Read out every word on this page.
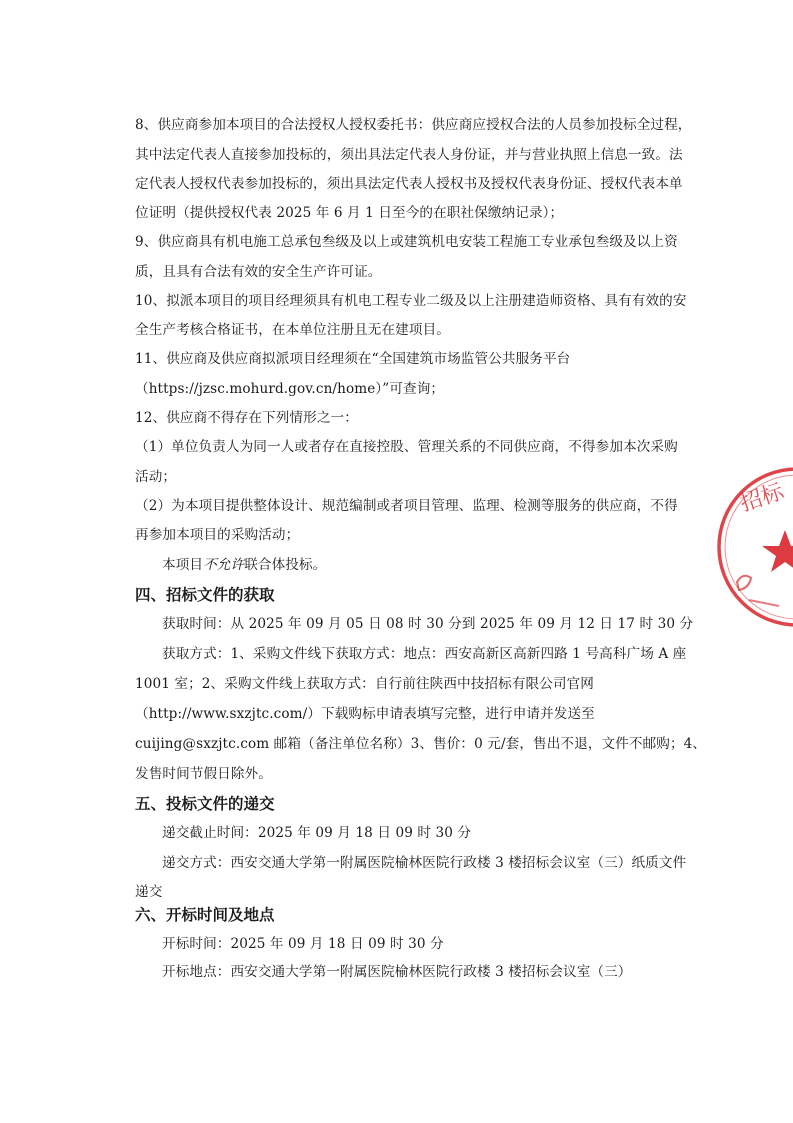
8、供应商参加本项目的合法授权人授权委托书：供应商应授权合法的人员参加投标全过程，
其中法定代表人直接参加投标的，须出具法定代表人身份证，并与营业执照上信息一致。法
定代表人授权代表参加投标的，须出具法定代表人授权书及授权代表身份证、授权代表本单
位证明（提供授权代表 2025 年 6 月 1 日至今的在职社保缴纳记录）；
9、供应商具有机电施工总承包叁级及以上或建筑机电安装工程施工专业承包叁级及以上资
质，且具有合法有效的安全生产许可证。
10、拟派本项目的项目经理须具有机电工程专业二级及以上注册建造师资格、具有有效的安
全生产考核合格证书，在本单位注册且无在建项目。
11、供应商及供应商拟派项目经理须在“全国建筑市场监管公共服务平台
（https://jzsc.mohurd.gov.cn/home）”可查询；
12、供应商不得存在下列情形之一：
（1）单位负责人为同一人或者存在直接控股、管理关系的不同供应商，不得参加本次采购
活动；
（2）为本项目提供整体设计、规范编制或者项目管理、监理、检测等服务的供应商，不得
再参加本项目的采购活动；
本项目不允许联合体投标。
四、招标文件的获取
获取时间：从 2025 年 09 月 05 日 08 时 30 分到 2025 年 09 月 12 日 17 时 30 分
获取方式：1、采购文件线下获取方式：地点：西安高新区高新四路 1 号高科广场 A 座
1001 室；2、采购文件线上获取方式：自行前往陕西中技招标有限公司官网
（http://www.sxzjtc.com/）下载购标申请表填写完整，进行申请并发送至
cuijing@sxzjtc.com 邮箱（备注单位名称）3、售价：0 元/套，售出不退，文件不邮购；4、
发售时间节假日除外。
五、投标文件的递交
递交截止时间：2025 年 09 月 18 日 09 时 30 分
递交方式：西安交通大学第一附属医院榆林医院行政楼 3 楼招标会议室（三）纸质文件
递交
六、开标时间及地点
开标时间：2025 年 09 月 18 日 09 时 30 分
开标地点：西安交通大学第一附属医院榆林医院行政楼 3 楼招标会议室（三）
招标
